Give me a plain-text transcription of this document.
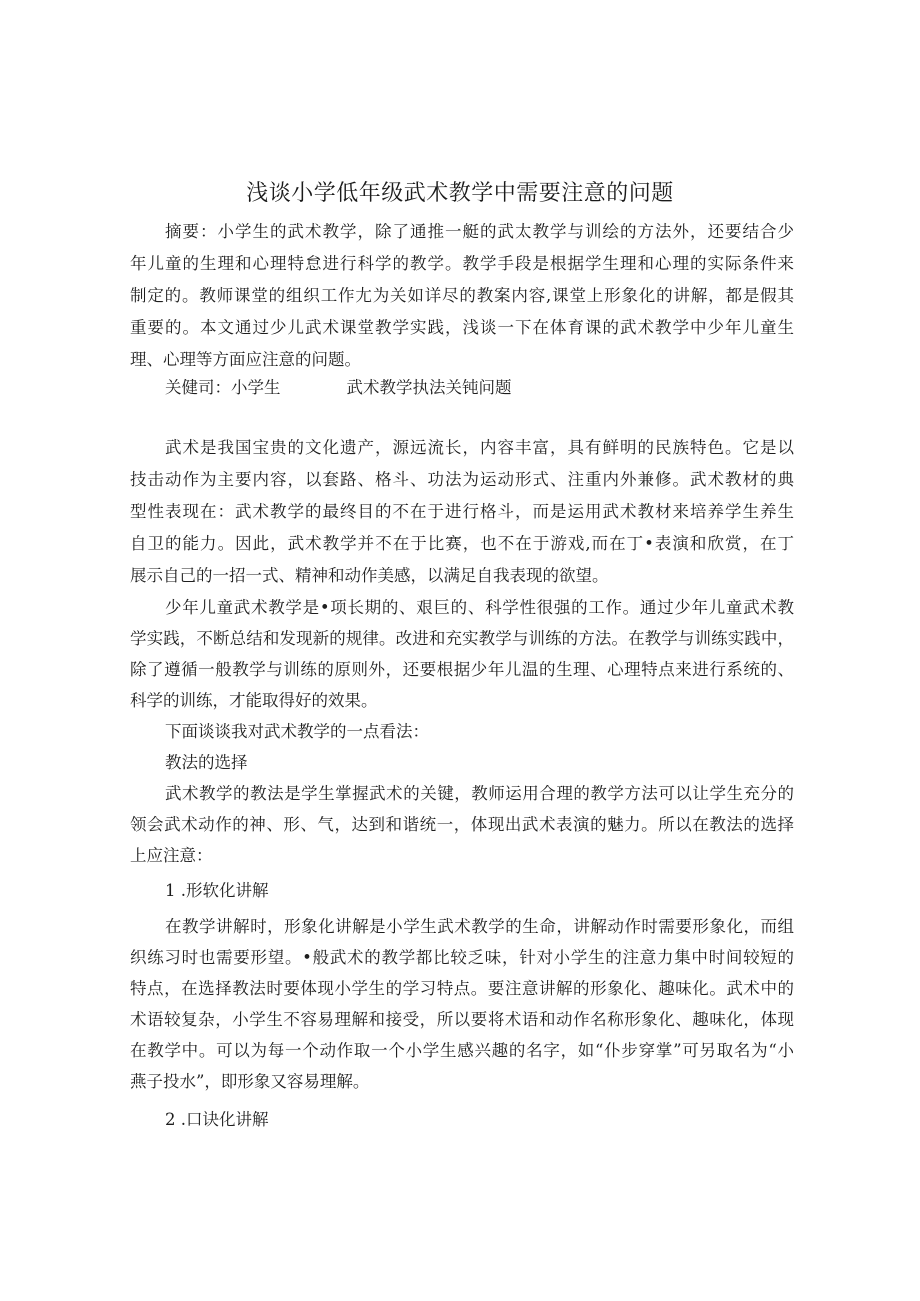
浅谈小学低年级武术教学中需要注意的问题
摘要：小学生的武术教学，除了通推一艇的武太教学与训绘的方法外，还要结合少
年儿童的生理和心理特怠进行科学的教学。教学手段是根据学生理和心理的实际条件来
制定的。教师课堂的组织工作尢为关如详尽的教案内容,课堂上形象化的讲解，都是假其
重要的。本文通过少儿武术课堂教学实践，浅谈一下在体育课的武术教学中少年儿童生
理、心理等方面应注意的问题。
关健司：小学生	武术教学执法关钝问题
武术是我国宝贵的文化遗产，源远流长，内容丰富，具有鲜明的民族特色。它是以
技击动作为主要内容，以套路、格斗、功法为运动形式、注重内外兼修。武术教材的典
型性表现在：武术教学的最终目的不在于进行格斗，而是运用武术教材来培养学生养生
自卫的能力。因此，武术教学并不在于比赛，也不在于游戏,而在丁•表演和欣赏，在丁
展示自己的一招一式、精神和动作美感，以满足自我表现的欲望。
少年儿童武术教学是•项长期的、艰巨的、科学性很强的工作。通过少年儿童武术教
学实践，不断总结和发现新的规律。改进和充实教学与训练的方法。在教学与训练实践中，
除了遵循一般教学与训练的原则外，还要根据少年儿温的生理、心理特点来进行系统的、
科学的训练，才能取得好的效果。
下面谈谈我对武术教学的一点看法：
教法的选择
武术教学的教法是学生掌握武术的关键，教师运用合理的教学方法可以让学生充分的
领会武术动作的神、形、气，达到和谐统一，体现出武术表演的魅力。所以在教法的选择
上应注意：
1 .形软化讲解
在教学讲解时，形象化讲解是小学生武术教学的生命，讲解动作时需要形象化，而组
织练习时也需要形望。•般武术的教学都比较乏味，针对小学生的注意力集中时间较短的
特点，在选择教法时要体现小学生的学习特点。要注意讲解的形象化、趣味化。武术中的
术语较复杂，小学生不容易理解和接受，所以要将术语和动作名称形象化、趣味化，体现
在教学中。可以为每一个动作取一个小学生感兴趣的名字，如“仆步穿掌”可另取名为“小
燕子投水”，即形象又容易理解。
2 .口诀化讲解
